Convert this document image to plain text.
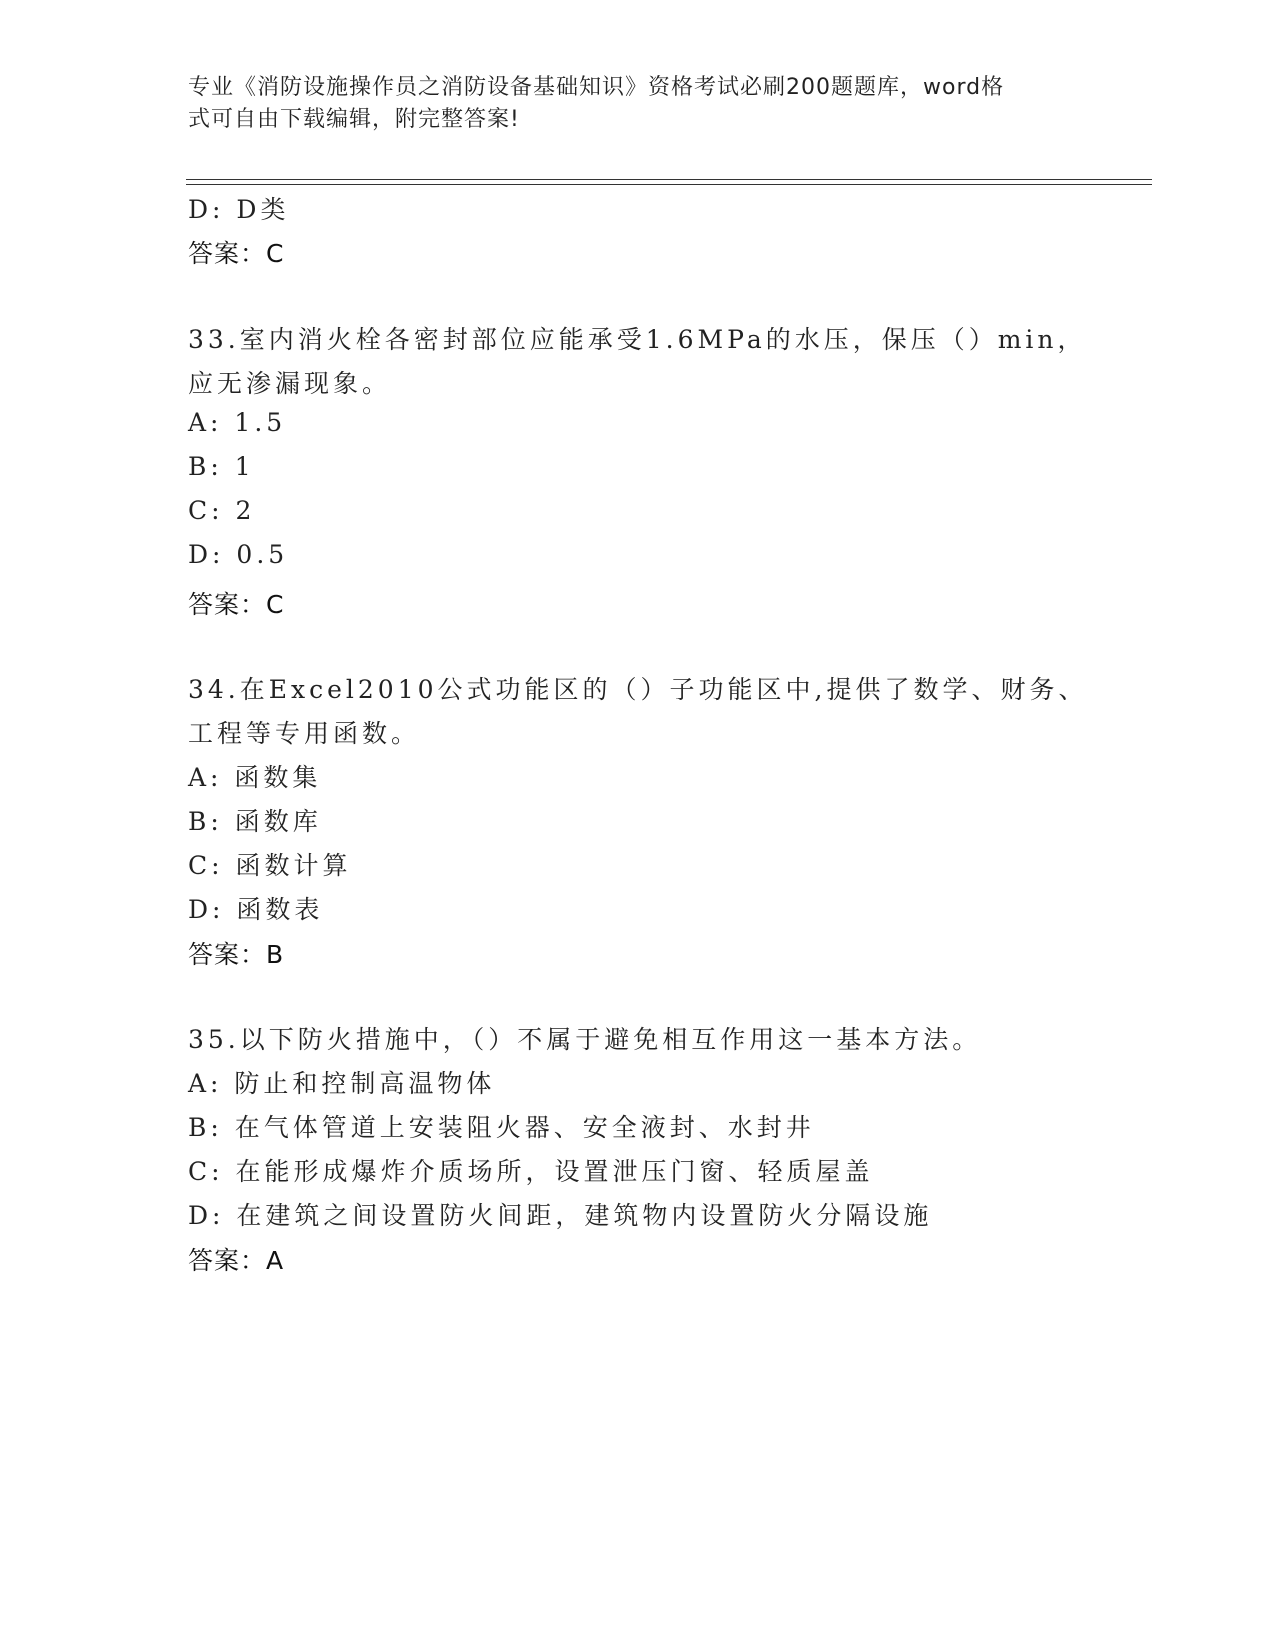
专业《消防设施操作员之消防设备基础知识》资格考试必刷200题题库，word格
式可自由下载编辑，附完整答案!
D: D类
答案：C
33.室内消火栓各密封部位应能承受1.6MPa的水压，保压（）min，
应无渗漏现象。
A: 1.5
B: 1
C: 2
D: 0.5
答案：C
34.在Excel2010公式功能区的（）子功能区中,提供了数学、财务、
工程等专用函数。
A: 函数集
B: 函数库
C: 函数计算
D: 函数表
答案：B
35.以下防火措施中，（）不属于避免相互作用这一基本方法。
A: 防止和控制高温物体
B: 在气体管道上安装阻火器、安全液封、水封井
C: 在能形成爆炸介质场所，设置泄压门窗、轻质屋盖
D: 在建筑之间设置防火间距，建筑物内设置防火分隔设施
答案：A
